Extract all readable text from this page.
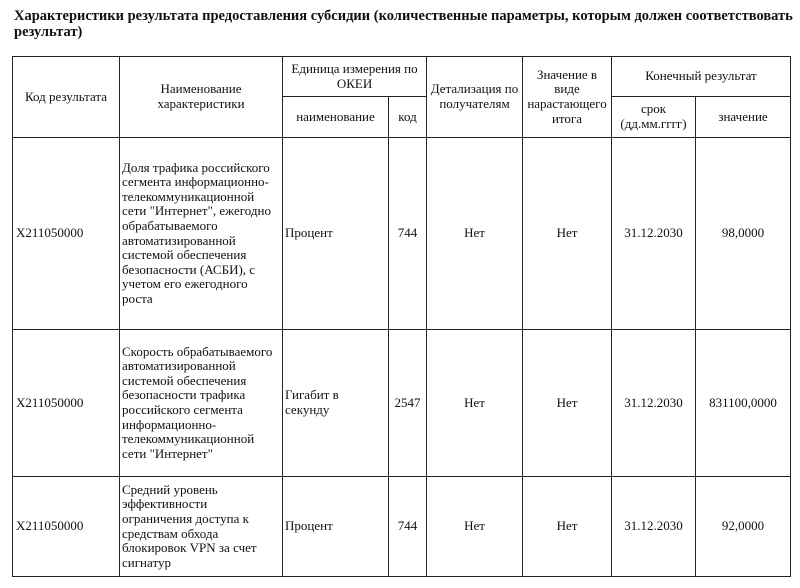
Характеристики результата предоставления субсидии (количественные параметры, которым должен соответствовать результат)
Код результата	Наименование характеристики	Единица измерения по ОКЕИ		Детализация по получателям	Значение в виде нарастающего итога	Конечный результат	
		наименование	код			срок (дд.мм.гггг)	значение
X211050000	Доля трафика российского сегмента информационно-телекоммуникационной сети "Интернет", ежегодно обрабатываемого автоматизированной системой обеспечения безопасности (АСБИ), с учетом его ежегодного роста	Процент	744	Нет	Нет	31.12.2030	98,0000
X211050000	Скорость обрабатываемого автоматизированной системой обеспечения безопасности трафика российского сегмента информационно-телекоммуникационной сети "Интернет"	Гигабит в секунду	2547	Нет	Нет	31.12.2030	831100,0000
X211050000	Средний уровень эффективности ограничения доступа к средствам обхода блокировок VPN за счет сигнатур	Процент	744	Нет	Нет	31.12.2030	92,0000
